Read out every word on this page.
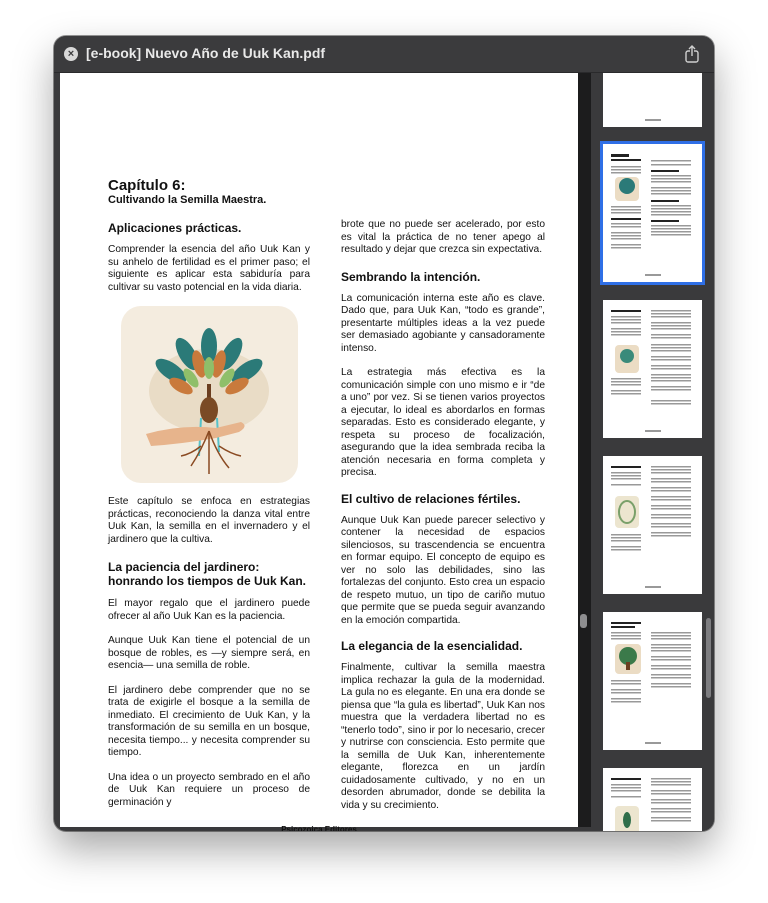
× [e-book] Nuevo Año de Uuk Kan.pdf
Capítulo 6:
Cultivando la Semilla Maestra.

Aplicaciones prácticas.

Comprender la esencia del año Uuk Kan y su anhelo de fertilidad es el primer paso; el siguiente es aplicar esta sabiduría para cultivar su vasto potencial en la vida diaria.

Este capítulo se enfoca en estrategias prácticas, reconociendo la danza vital entre Uuk Kan, la semilla en el invernadero y el jardinero que la cultiva.

La paciencia del jardinero:

honrando los tiempos de Uuk Kan.

El mayor regalo que el jardinero puede ofrecer al año Uuk Kan es la paciencia.

Aunque Uuk Kan tiene el potencial de un bosque de robles, es —y siempre será, en esencia— una semilla de roble.

El jardinero debe comprender que no se trata de exigirle el bosque a la semilla de inmediato. El crecimiento de Uuk Kan, y la transformación de su semilla en un bosque, necesita tiempo... y necesita comprender su tiempo.

Una idea o un proyecto sembrado en el año de Uuk Kan requiere un proceso de germinación y

brote que no puede ser acelerado, por esto es vital la práctica de no tener apego al resultado y dejar que crezca sin expectativa.

Sembrando la intención.

La comunicación interna este año es clave. Dado que, para Uuk Kan, “todo es grande”, presentarte múltiples ideas a la vez puede ser demasiado agobiante y cansadoramente intenso.

La estrategia más efectiva es la comunicación simple con uno mismo e ir “de a uno” por vez. Si se tienen varios proyectos a ejecutar, lo ideal es abordarlos en formas separadas. Esto es considerado elegante, y respeta su proceso de focalización, asegurando que la idea sembrada reciba la atención necesaria en forma completa y precisa.

El cultivo de relaciones fértiles.

Aunque Uuk Kan puede parecer selectivo y contener la necesidad de espacios silenciosos, su trascendencia se encuentra en formar equipo. El concepto de equipo es ver no solo las debilidades, sino las fortalezas del conjunto. Esto crea un espacio de respeto mutuo, un tipo de cariño mutuo que permite que se pueda seguir avanzando en la emoción compartida.

La elegancia de la esencialidad.

Finalmente, cultivar la semilla maestra implica rechazar la gula de la modernidad. La gula no es elegante. En una era donde se piensa que “la gula es libertad”, Uuk Kan nos muestra que la verdadera libertad no es “tenerlo todo”, sino ir por lo necesario, crecer y nutrirse con consciencia. Esto permite que la semilla de Uuk Kan, inherentemente elegante, florezca en un jardín cuidadosamente cultivado, y no en un desorden abrumador, donde se debilita la vida y su crecimiento.

Psicozoica Editores
